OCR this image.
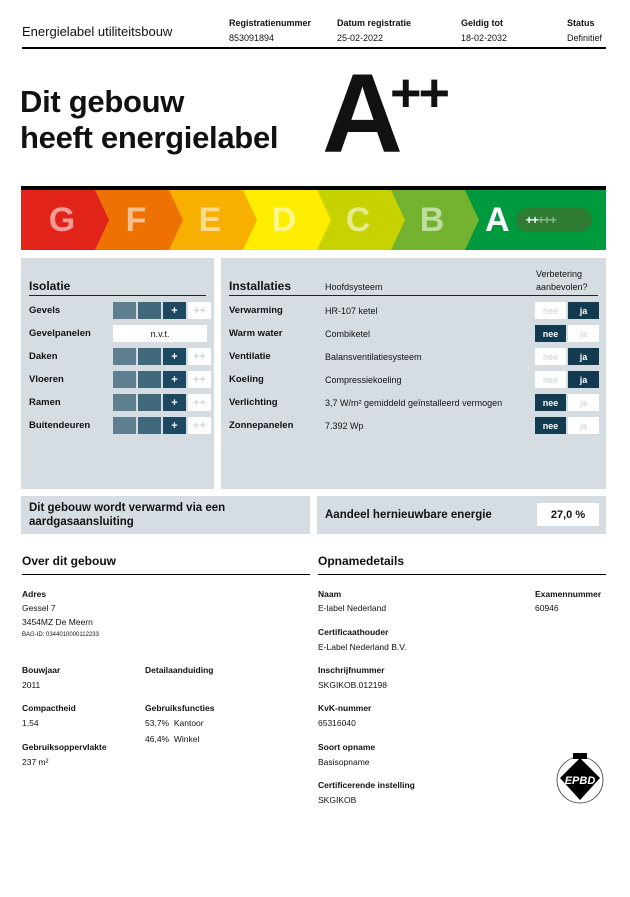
Energielabel utiliteitsbouw
Registratienummer
853091894
Datum registratie
25-02-2022
Geldig tot
18-02-2032
Status
Definitief
Dit gebouw
heeft energielabel A
++
G F E D C B A ++ +++
Isolatie
Gevels	+	++
Gevelpanelen	n.v.t.
Daken	+	++
Vloeren	+	++
Ramen	+	++
Buitendeuren	+	++
Installaties	Hoofdsysteem
Verbetering aanbevolen?
Verwarming	HR-107 ketel	nee	ja
Warm water	Combiketel	nee	ja
Ventilatie	Balansventilatiesysteem	nee	ja
Koeling	Compressiekoeling	nee	ja
Verlichting	3,7 W/m² gemiddeld geïnstalleerd vermogen	nee	ja
Zonnepanelen	7.392 Wp	nee	ja
Dit gebouw wordt verwarmd via een aardgasaansluiting
Aandeel hernieuwbare energie	27,0 %
Over dit gebouw
Adres
Gessel 7
3454MZ De Meern
BAG-ID: 0344010000112233
Bouwjaar
2011
Detailaanduiding
Compactheid
1,54
Gebruiksfuncties
53,7% Kantoor
46,4% Winkel
Gebruiksoppervlakte
237 m²
Opnamedetails
Naam
E-label Nederland
Examennummer
60946
Certificaathouder
E-Label Nederland B.V.
Inschrijfnummer
SKGIKOB.012198
KvK-nummer
65316040
Soort opname
Basisopname
Certificerende instelling
SKGIKOB
EPBD
